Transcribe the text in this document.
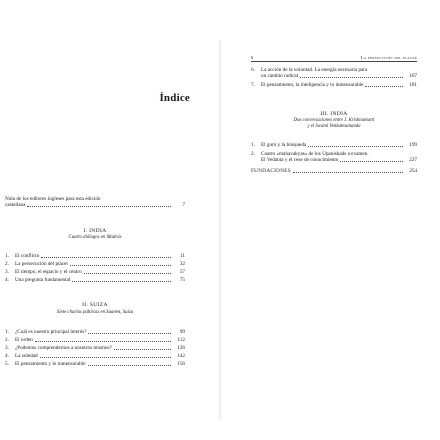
Índice
Nota de los editores ingleses para esta edición
castellana	7
I. INDIA
Cuatro diálogos en Madrás
1.	El conflicto	11
2.	La persecución del placer	32
3.	El tiempo, el espacio y el centro	57
4.	Una pregunta fundamental	75
II. SUIZA
Siete charlas públicas en Saanen, Suiza
1.	¿Cuál es nuestro principal interés?	99
2.	El orden	112
3.	¿Podemos comprendernos a nosotros mismos?	126
4.	La soledad	142
5.	El pensamiento y lo inmensurable	156
6	La persecución del placer
6.	La acción de la voluntad. La energía necesaria para
un cambio radical	167
7.	El pensamiento, la inteligencia y lo inmensurable	181
III. INDIA
Dos conversaciones entre J. Krishnamurti
y el Swami Venkatesananda
1.	El gurú y la búsqueda	199
2.	Cuatro «mahavakyas» de los Upanishads a examen.
El Vedanta y el cese de conocimiento	227
FUNDACIONES	254
